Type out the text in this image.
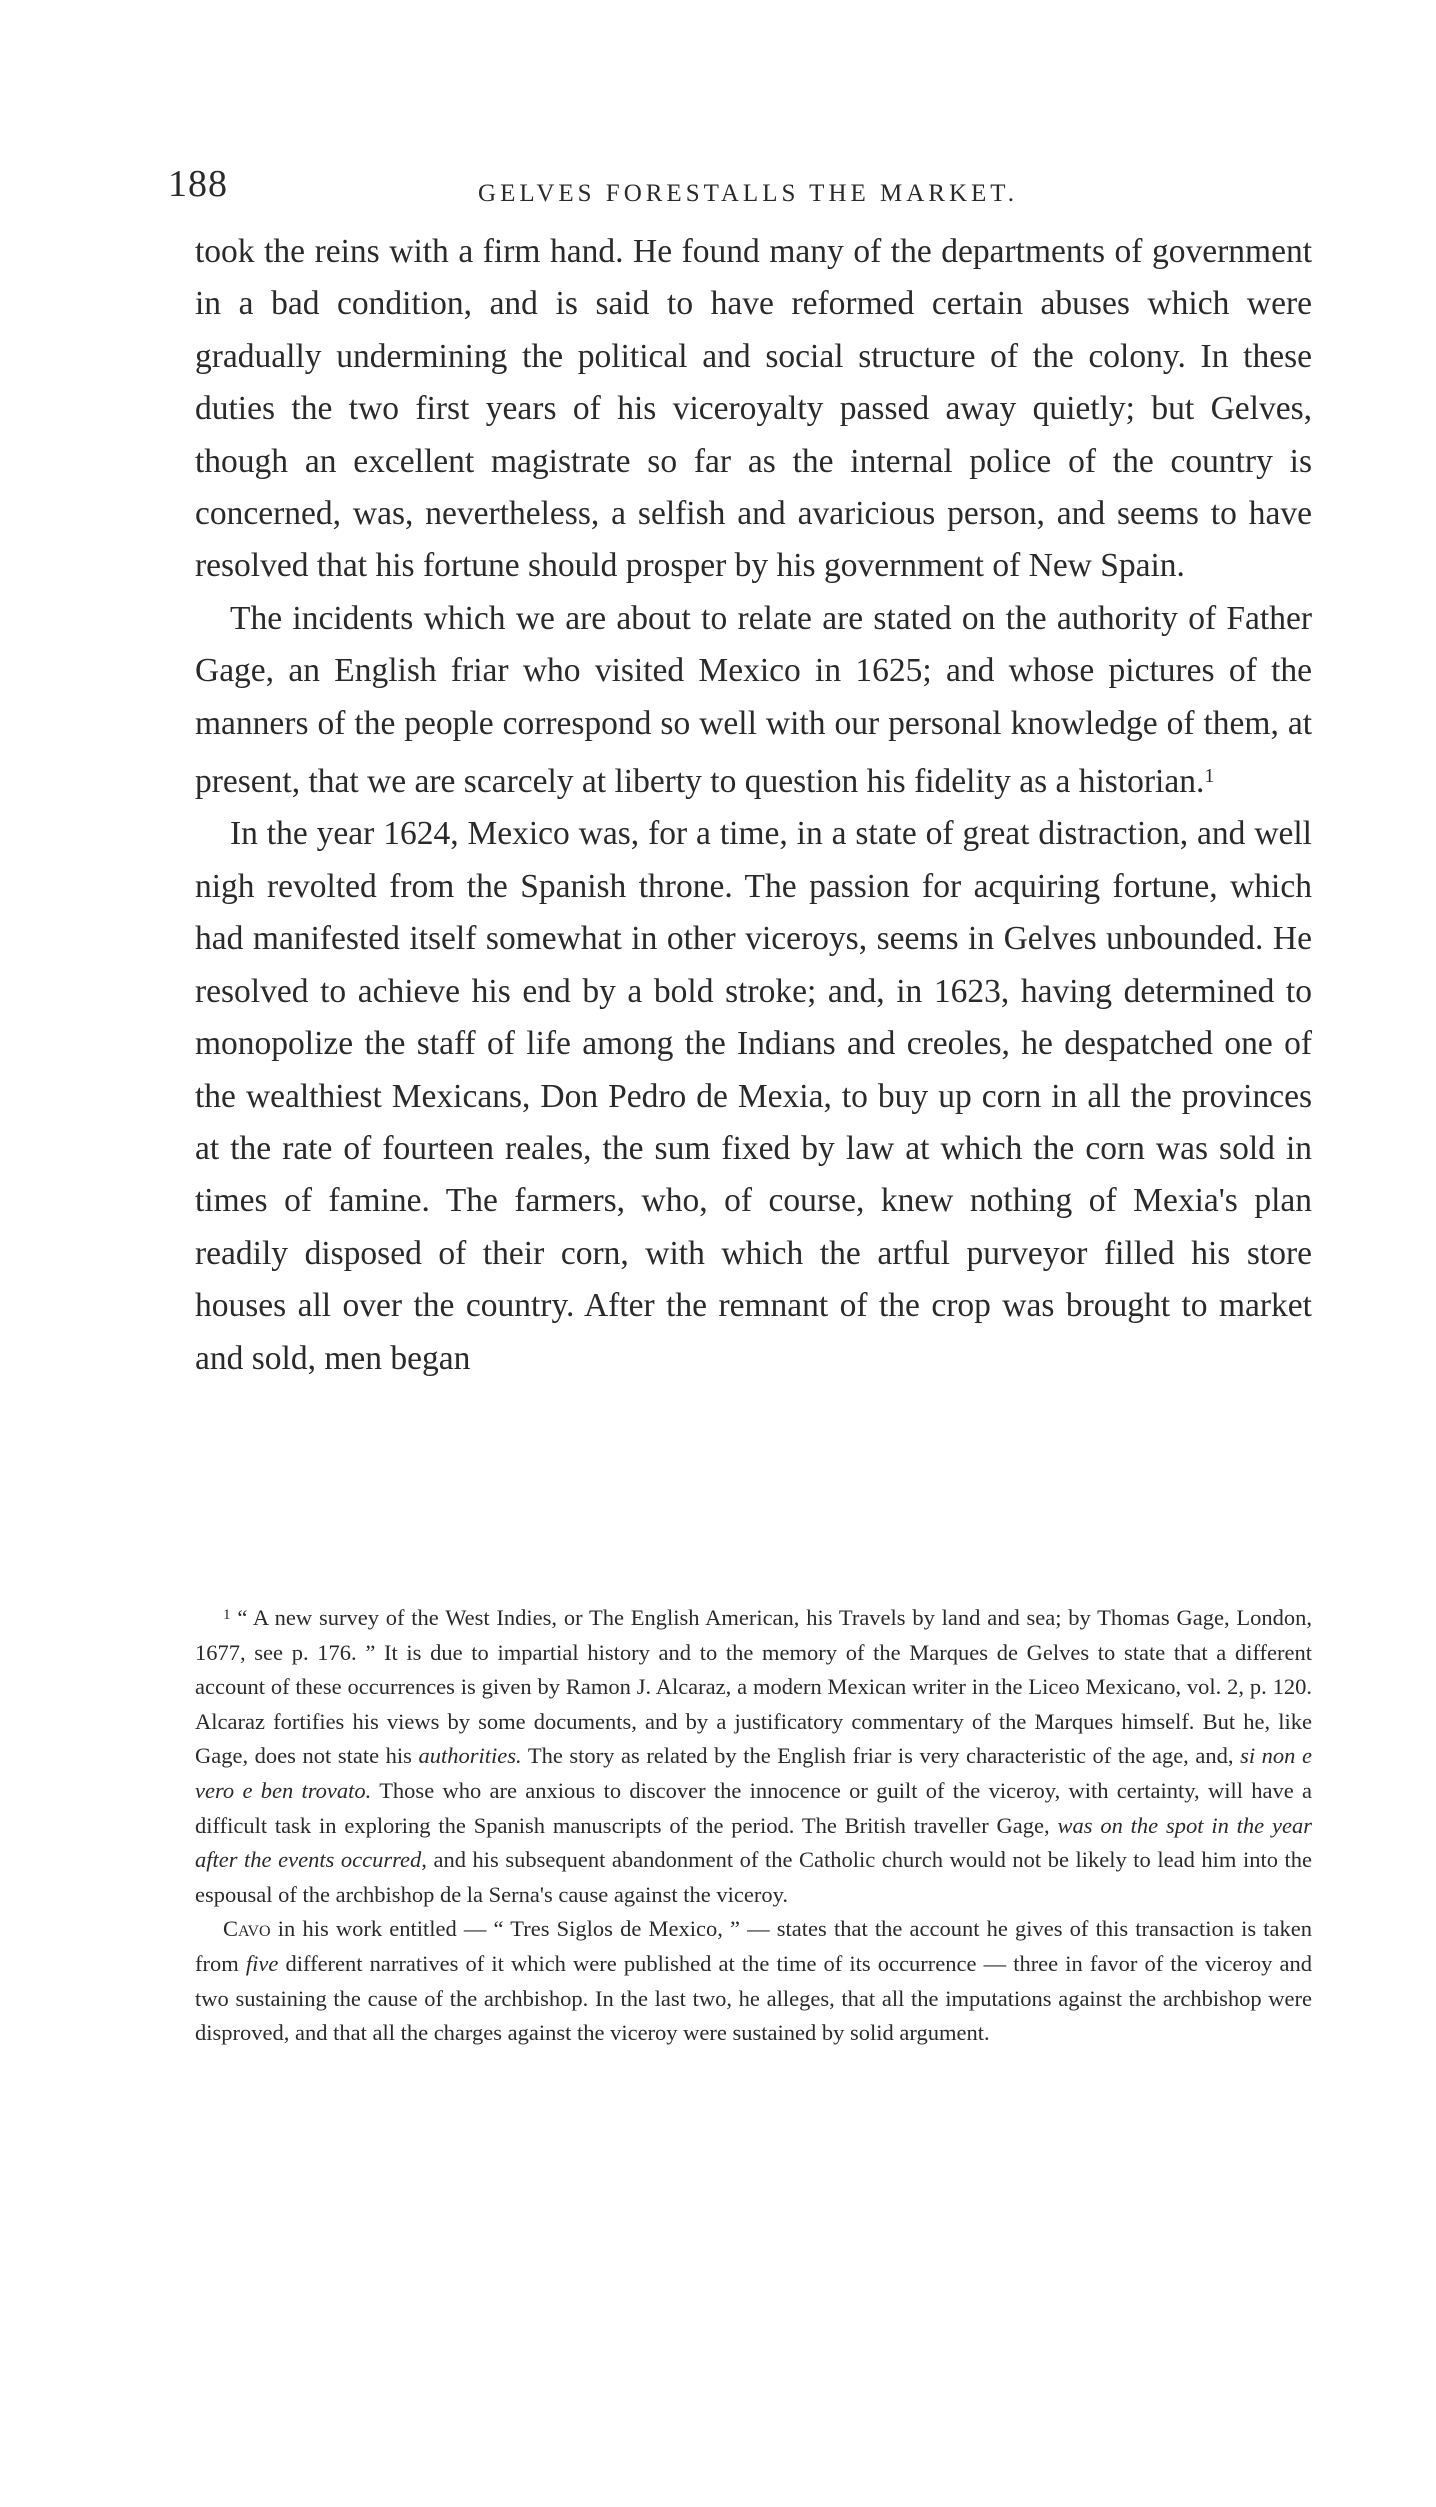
188	GELVES FORESTALLS THE MARKET.

took the reins with a firm hand. He found many of the departments of government in a bad condition, and is said to have reformed certain abuses which were gradually undermining the political and social structure of the colony. In these duties the two first years of his viceroyalty passed away quietly; but Gelves, though an excellent magistrate so far as the internal police of the country is concerned, was, nevertheless, a selfish and avaricious person, and seems to have resolved that his fortune should prosper by his government of New Spain.

The incidents which we are about to relate are stated on the authority of Father Gage, an English friar who visited Mexico in 1625; and whose pictures of the manners of the people correspond so well with our personal knowledge of them, at present, that we are scarcely at liberty to question his fidelity as a historian.$^1$

In the year 1624, Mexico was, for a time, in a state of great distraction, and well nigh revolted from the Spanish throne. The passion for acquiring fortune, which had manifested itself somewhat in other viceroys, seems in Gelves unbounded. He resolved to achieve his end by a bold stroke; and, in 1623, having determined to monopolize the staff of life among the Indians and creoles, he despatched one of the wealthiest Mexicans, Don Pedro de Mexia, to buy up corn in all the provinces at the rate of fourteen reales, the sum fixed by law at which the corn was sold in times of famine. The farmers, who, of course, knew nothing of Mexia's plan readily disposed of their corn, with which the artful purveyor filled his store houses all over the country. After the remnant of the crop was brought to market and sold, men began

$^1$ “ A new survey of the West Indies, or The English American, his Travels by land and sea; by Thomas Gage, London, 1677, see p. 176. ” It is due to impartial history and to the memory of the Marques de Gelves to state that a different account of these occurrences is given by Ramon J. Alcaraz, a modern Mexican writer in the Liceo Mexicano, vol. 2, p. 120. Alcaraz fortifies his views by some documents, and by a justificatory commentary of the Marques himself. But he, like Gage, does not state his authorities. The story as related by the English friar is very characteristic of the age, and, si non e vero e ben trovato. Those who are anxious to discover the innocence or guilt of the viceroy, with certainty, will have a difficult task in exploring the Spanish manuscripts of the period. The British traveller Gage, was on the spot in the year after the events occurred, and his subsequent abandonment of the Catholic church would not be likely to lead him into the espousal of the archbishop de la Serna's cause against the viceroy.

Cavo in his work entitled — “ Tres Siglos de Mexico, ” — states that the account he gives of this transaction is taken from five different narratives of it which were published at the time of its occurrence — three in favor of the viceroy and two sustaining the cause of the archbishop. In the last two, he alleges, that all the imputations against the archbishop were disproved, and that all the charges against the viceroy were sustained by solid argument.
